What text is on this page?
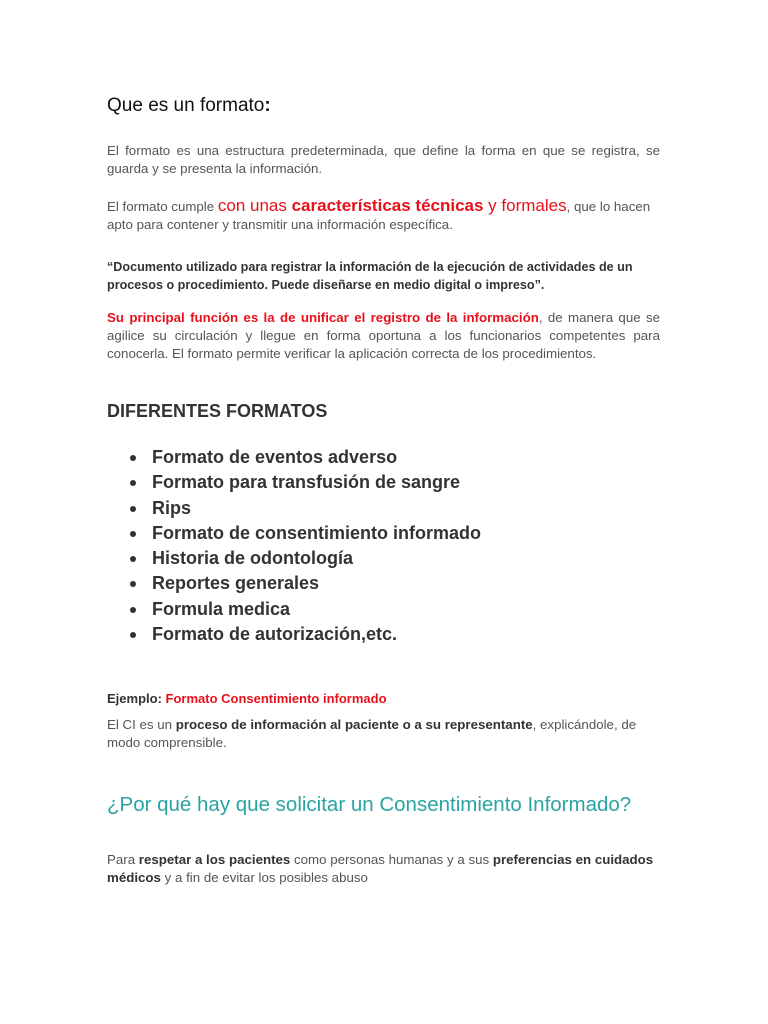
Que es un formato:

El formato es una estructura predeterminada, que define la forma en que se registra, se guarda y se presenta la información.

El formato cumple con unas características técnicas y formales, que lo hacen apto para contener y transmitir una información específica.

“Documento utilizado para registrar la información de la ejecución de actividades de un procesos o procedimiento. Puede diseñarse en medio digital o impreso”.

Su principal función es la de unificar el registro de la información, de manera que se agilice su circulación y llegue en forma oportuna a los funcionarios competentes para conocerla. El formato permite verificar la aplicación correcta de los procedimientos.

DIFERENTES FORMATOS
Formato de eventos adverso
Formato para transfusión de sangre
Rips
Formato de consentimiento informado
Historia de odontología
Reportes generales
Formula medica
Formato de autorización,etc.

Ejemplo: Formato Consentimiento informado

El CI es un proceso de información al paciente o a su representante, explicándole, de modo comprensible.

¿Por qué hay que solicitar un Consentimiento Informado?

Para respetar a los pacientes como personas humanas y a sus preferencias en cuidados médicos y a fin de evitar los posibles abuso
